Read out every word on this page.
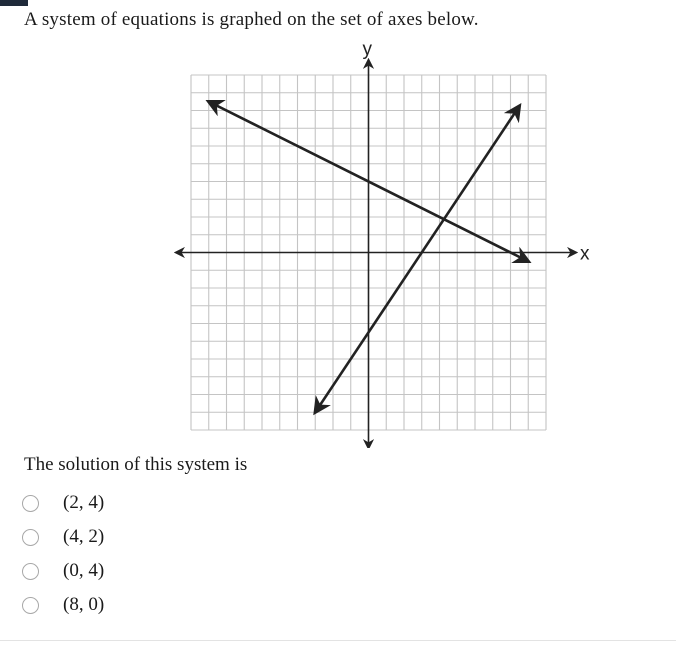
A system of equations is graphed on the set of axes below.
y
x
The solution of this system is
(2, 4)
(4, 2)
(0, 4)
(8, 0)
